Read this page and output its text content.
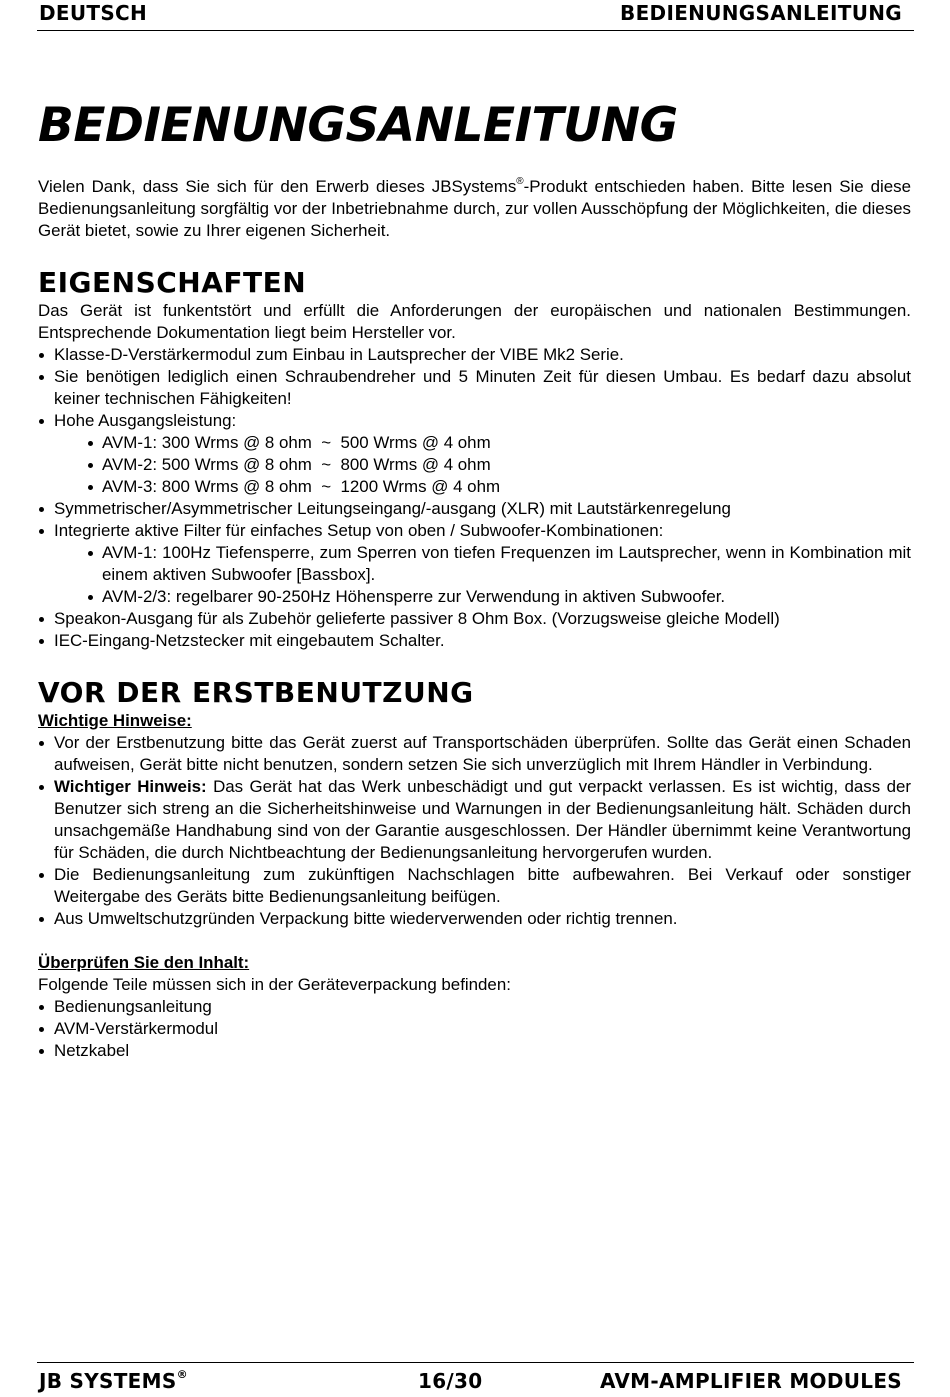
DEUTSCH	BEDIENUNGSANLEITUNG
BEDIENUNGSANLEITUNG

Vielen Dank, dass Sie sich für den Erwerb dieses JBSystems®-Produkt entschieden haben. Bitte lesen Sie diese Bedienungsanleitung sorgfältig vor der Inbetriebnahme durch, zur vollen Ausschöpfung der Möglichkeiten, die dieses Gerät bietet, sowie zu Ihrer eigenen Sicherheit.

EIGENSCHAFTEN

Das Gerät ist funkentstört und erfüllt die Anforderungen der europäischen und nationalen Bestimmungen. Entsprechende Dokumentation liegt beim Hersteller vor.

Klasse-D-Verstärkermodul zum Einbau in Lautsprecher der VIBE Mk2 Serie.
Sie benötigen lediglich einen Schraubendreher und 5 Minuten Zeit für diesen Umbau. Es bedarf dazu absolut keiner technischen Fähigkeiten!
Hohe Ausgangsleistung:
AVM-1: 300 Wrms @ 8 ohm  ~  500 Wrms @ 4 ohm
AVM-2: 500 Wrms @ 8 ohm  ~  800 Wrms @ 4 ohm
AVM-3: 800 Wrms @ 8 ohm  ~  1200 Wrms @ 4 ohm
Symmetrischer/Asymmetrischer Leitungseingang/-ausgang (XLR) mit Lautstärkenregelung
Integrierte aktive Filter für einfaches Setup von oben / Subwoofer-Kombinationen:
AVM-1: 100Hz Tiefensperre, zum Sperren von tiefen Frequenzen im Lautsprecher, wenn in Kombination mit einem aktiven Subwoofer [Bassbox].
AVM-2/3: regelbarer 90-250Hz Höhensperre zur Verwendung in aktiven Subwoofer.
Speakon-Ausgang für als Zubehör gelieferte passiver 8 Ohm Box. (Vorzugsweise gleiche Modell)
IEC-Eingang-Netzstecker mit eingebautem Schalter.
VOR DER ERSTBENUTZUNG

Wichtige Hinweise:

Vor der Erstbenutzung bitte das Gerät zuerst auf Transportschäden überprüfen. Sollte das Gerät einen Schaden aufweisen, Gerät bitte nicht benutzen, sondern setzen Sie sich unverzüglich mit Ihrem Händler in Verbindung.
Wichtiger Hinweis: Das Gerät hat das Werk unbeschädigt und gut verpackt verlassen. Es ist wichtig, dass der Benutzer sich streng an die Sicherheitshinweise und Warnungen in der Bedienungsanleitung hält. Schäden durch unsachgemäße Handhabung sind von der Garantie ausgeschlossen. Der Händler übernimmt keine Verantwortung für Schäden, die durch Nichtbeachtung der Bedienungsanleitung hervorgerufen wurden.
Die Bedienungsanleitung zum zukünftigen Nachschlagen bitte aufbewahren. Bei Verkauf oder sonstiger Weitergabe des Geräts bitte Bedienungsanleitung beifügen.
Aus Umweltschutzgründen Verpackung bitte wiederverwenden oder richtig trennen.

Überprüfen Sie den Inhalt:

Folgende Teile müssen sich in der Geräteverpackung befinden:

Bedienungsanleitung
AVM-Verstärkermodul
Netzkabel
JB SYSTEMS®	16/30	AVM-AMPLIFIER MODULES
